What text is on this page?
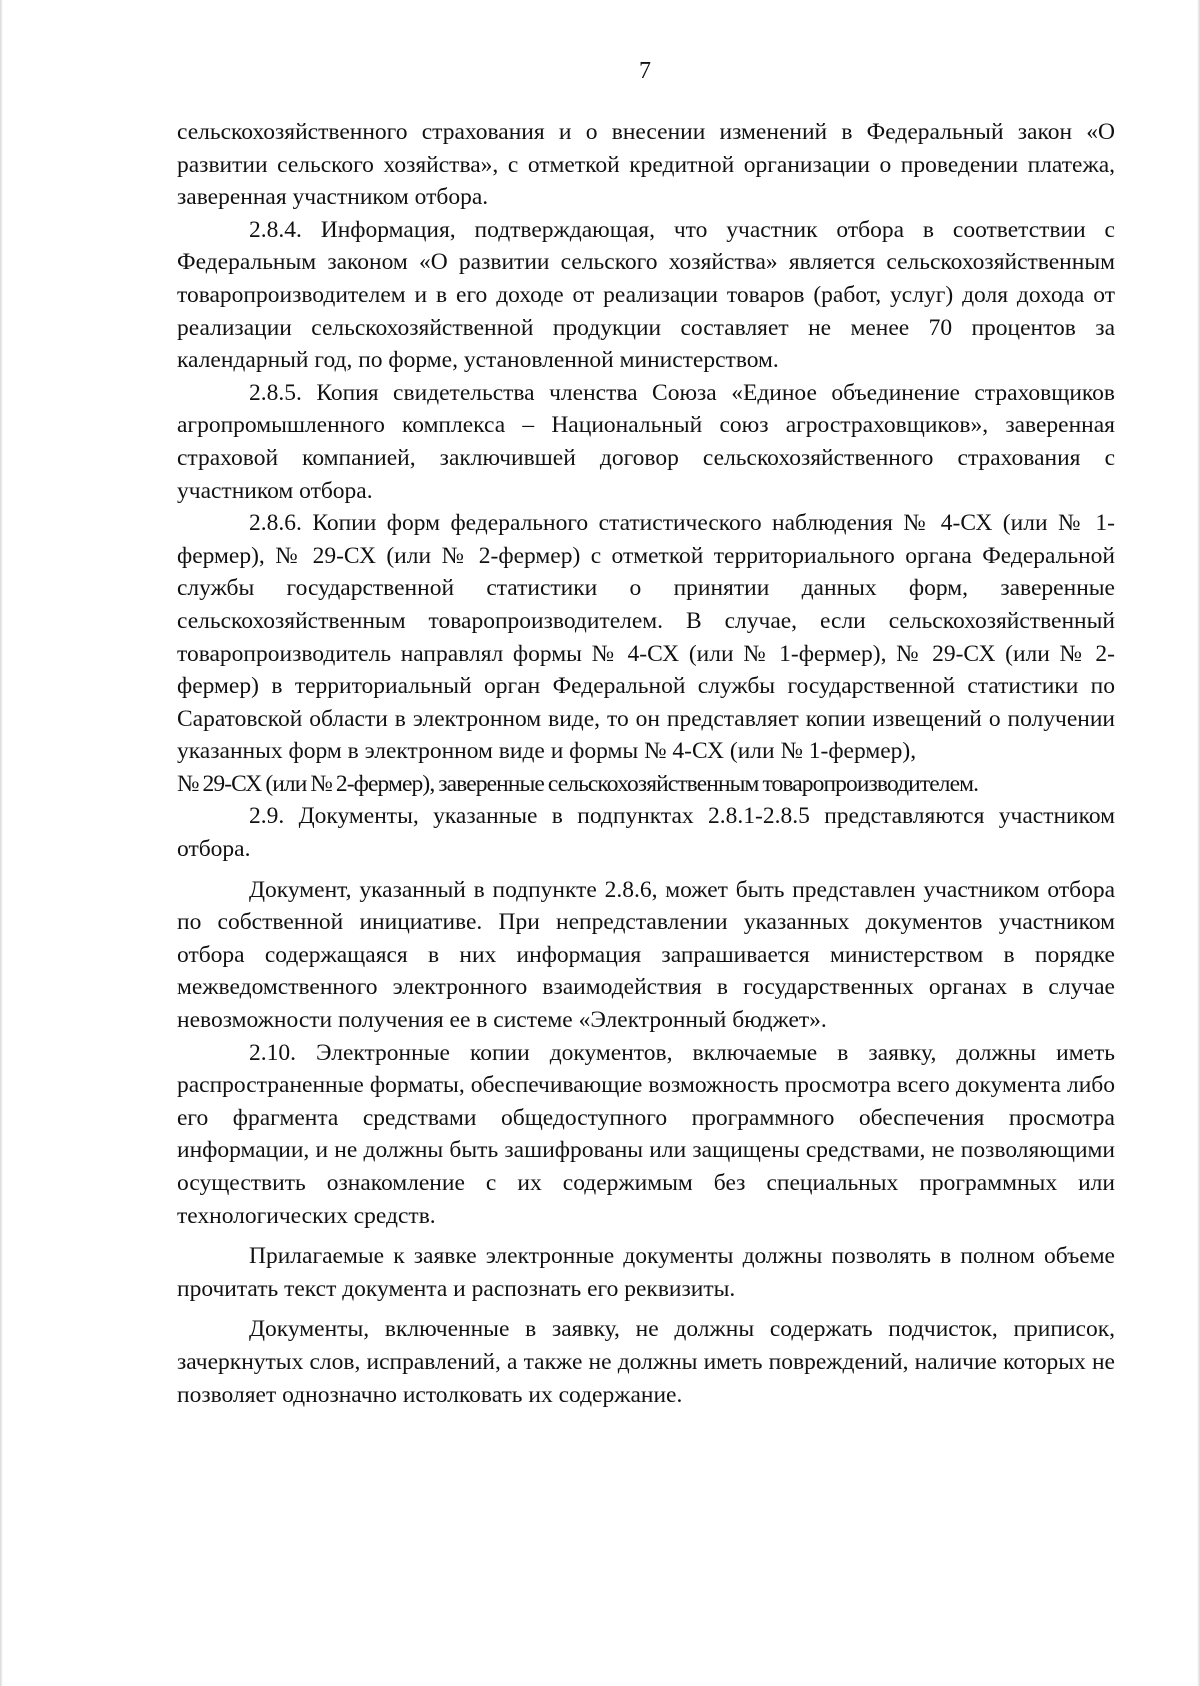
7

сельскохозяйственного страхования и о внесении изменений в Федеральный закон «О развитии сельского хозяйства», с отметкой кредитной организации о проведении платежа, заверенная участником отбора.

2.8.4. Информация, подтверждающая, что участник отбора в соответствии с Федеральным законом «О развитии сельского хозяйства» является сельскохозяйственным товаропроизводителем и в его доходе от реализации товаров (работ, услуг) доля дохода от реализации сельскохозяйственной продукции составляет не менее 70 процентов за календарный год, по форме, установленной министерством.

2.8.5. Копия свидетельства членства Союза «Единое объединение страховщиков агропромышленного комплекса – Национальный союз агростраховщиков», заверенная страховой компанией, заключившей договор сельскохозяйственного страхования с участником отбора.

2.8.6. Копии форм федерального статистического наблюдения № 4-СХ (или № 1-фермер), № 29-СХ (или № 2-фермер) с отметкой территориального органа Федеральной службы государственной статистики о принятии данных форм, заверенные сельскохозяйственным товаропроизводителем. В случае, если сельскохозяйственный товаропроизводитель направлял формы № 4-СХ (или № 1-фермер), № 29-СХ (или № 2-фермер) в территориальный орган Федеральной службы государственной статистики по Саратовской области в электронном виде, то он представляет копии извещений о получении указанных форм в электронном виде и формы № 4-СХ (или № 1-фермер),

№ 29-СХ (или № 2-фермер), заверенные сельскохозяйственным товаропроизводителем.

2.9. Документы, указанные в подпунктах 2.8.1-2.8.5 представляются участником отбора.

Документ, указанный в подпункте 2.8.6, может быть представлен участником отбора по собственной инициативе. При непредставлении указанных документов участником отбора содержащаяся в них информация запрашивается министерством в порядке межведомственного электронного взаимодействия в государственных органах в случае невозможности получения ее в системе «Электронный бюджет».

2.10. Электронные копии документов, включаемые в заявку, должны иметь распространенные форматы, обеспечивающие возможность просмотра всего документа либо его фрагмента средствами общедоступного программного обеспечения просмотра информации, и не должны быть зашифрованы или защищены средствами, не позволяющими осуществить ознакомление с их содержимым без специальных программных или технологических средств.

Прилагаемые к заявке электронные документы должны позволять в полном объеме прочитать текст документа и распознать его реквизиты.

Документы, включенные в заявку, не должны содержать подчисток, приписок, зачеркнутых слов, исправлений, а также не должны иметь повреждений, наличие которых не позволяет однозначно истолковать их содержание.
